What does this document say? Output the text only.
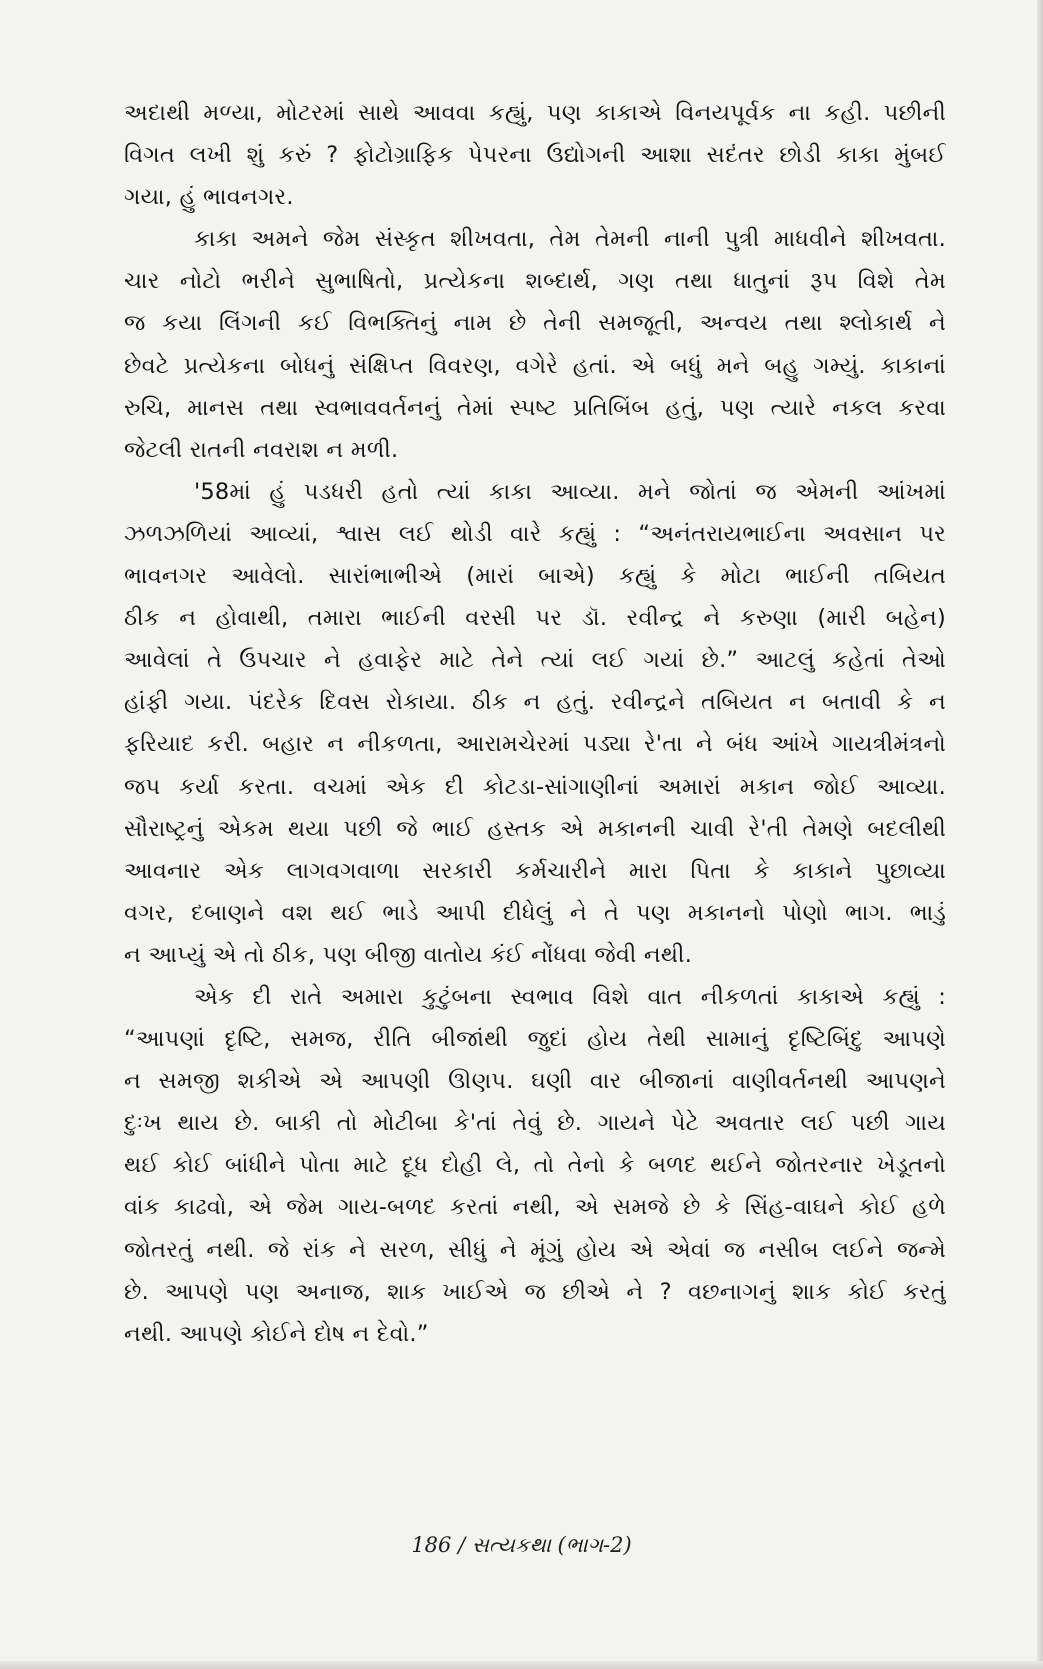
અદાથી મળ્યા, મોટરમાં સાથે આવવા કહ્યું, પણ કાકાએ વિનયપૂર્વક ના કહી. પછીની
વિગત લખી શું કરું ? ફોટોગ્રાફિક પેપરના ઉદ્યોગની આશા સદંતર છોડી કાકા મુંબઈ
ગયા, હું ભાવનગર.
કાકા અમને જેમ સંસ્કૃત શીખવતા, તેમ તેમની નાની પુત્રી માધવીને શીખવતા.
ચાર નોટો ભરીને સુભાષિતો, પ્રત્યેકના શબ્દાર્થ, ગણ તથા ધાતુનાં રૂપ વિશે તેમ
જ કયા લિંગની કઈ વિભક્તિનું નામ છે તેની સમજૂતી, અન્વય તથા શ્લોકાર્થ ને
છેવટે પ્રત્યેકના બોધનું સંક્ષિપ્ત વિવરણ, વગેરે હતાં. એ બધું મને બહુ ગમ્યું. કાકાનાં
રુચિ, માનસ તથા સ્વભાવવર્તનનું તેમાં સ્પષ્ટ પ્રતિબિંબ હતું, પણ ત્યારે નકલ કરવા
જેટલી રાતની નવરાશ ન મળી.
'58માં હું પડધરી હતો ત્યાં કાકા આવ્યા. મને જોતાં જ એમની આંખમાં
ઝળઝળિયાં આવ્યાં, શ્વાસ લઈ થોડી વારે કહ્યું : “અનંતરાયભાઈના અવસાન પર
ભાવનગર આવેલો. સારાંભાભીએ (મારાં બાએ) કહ્યું કે મોટા ભાઈની તબિયત
ઠીક ન હોવાથી, તમારા ભાઈની વરસી પર ડૉ. રવીન્દ્ર ને કરુણા (મારી બહેન)
આવેલાં તે ઉપચાર ને હવાફેર માટે તેને ત્યાં લઈ ગયાં છે.” આટલું કહેતાં તેઓ
હાંફી ગયા. પંદરેક દિવસ રોકાયા. ઠીક ન હતું. રવીન્દ્રને તબિયત ન બતાવી કે ન
ફરિયાદ કરી. બહાર ન નીકળતા, આરામચેરમાં પડ્યા રે'તા ને બંધ આંખે ગાયત્રીમંત્રનો
જપ કર્યા કરતા. વચમાં એક દી કોટડા-સાંગાણીનાં અમારાં મકાન જોઈ આવ્યા.
સૌરાષ્ટ્રનું એકમ થયા પછી જે ભાઈ હસ્તક એ મકાનની ચાવી રે'તી તેમણે બદલીથી
આવનાર એક લાગવગવાળા સરકારી કર્મચારીને મારા પિતા કે કાકાને પુછાવ્યા
વગર, દબાણને વશ થઈ ભાડે આપી દીધેલું ને તે પણ મકાનનો પોણો ભાગ. ભાડું
ન આપ્યું એ તો ઠીક, પણ બીજી વાતોય કંઈ નોંધવા જેવી નથી.
એક દી રાતે અમારા કુટુંબના સ્વભાવ વિશે વાત નીકળતાં કાકાએ કહ્યું :
“આપણાં દૃષ્ટિ, સમજ, રીતિ બીજાંથી જુદાં હોય તેથી સામાનું દૃષ્ટિબિંદુ આપણે
ન સમજી શકીએ એ આપણી ઊણપ. ઘણી વાર બીજાનાં વાણીવર્તનથી આપણને
દુઃખ થાય છે. બાકી તો મોટીબા કે'તાં તેવું છે. ગાયને પેટે અવતાર લઈ પછી ગાય
થઈ કોઈ બાંધીને પોતા માટે દૂધ દોહી લે, તો તેનો કે બળદ થઈને જોતરનાર ખેડૂતનો
વાંક કાઢવો, એ જેમ ગાય-બળદ કરતાં નથી, એ સમજે છે કે સિંહ-વાઘને કોઈ હળે
જોતરતું નથી. જે રાંક ને સરળ, સીધું ને મૂંગું હોય એ એવાં જ નસીબ લઈને જન્મે
છે. આપણે પણ અનાજ, શાક ખાઈએ જ છીએ ને ? વછનાગનું શાક કોઈ કરતું
નથી. આપણે કોઈને દોષ ન દેવો.”
186 / સત્યકથા (ભાગ-2)
